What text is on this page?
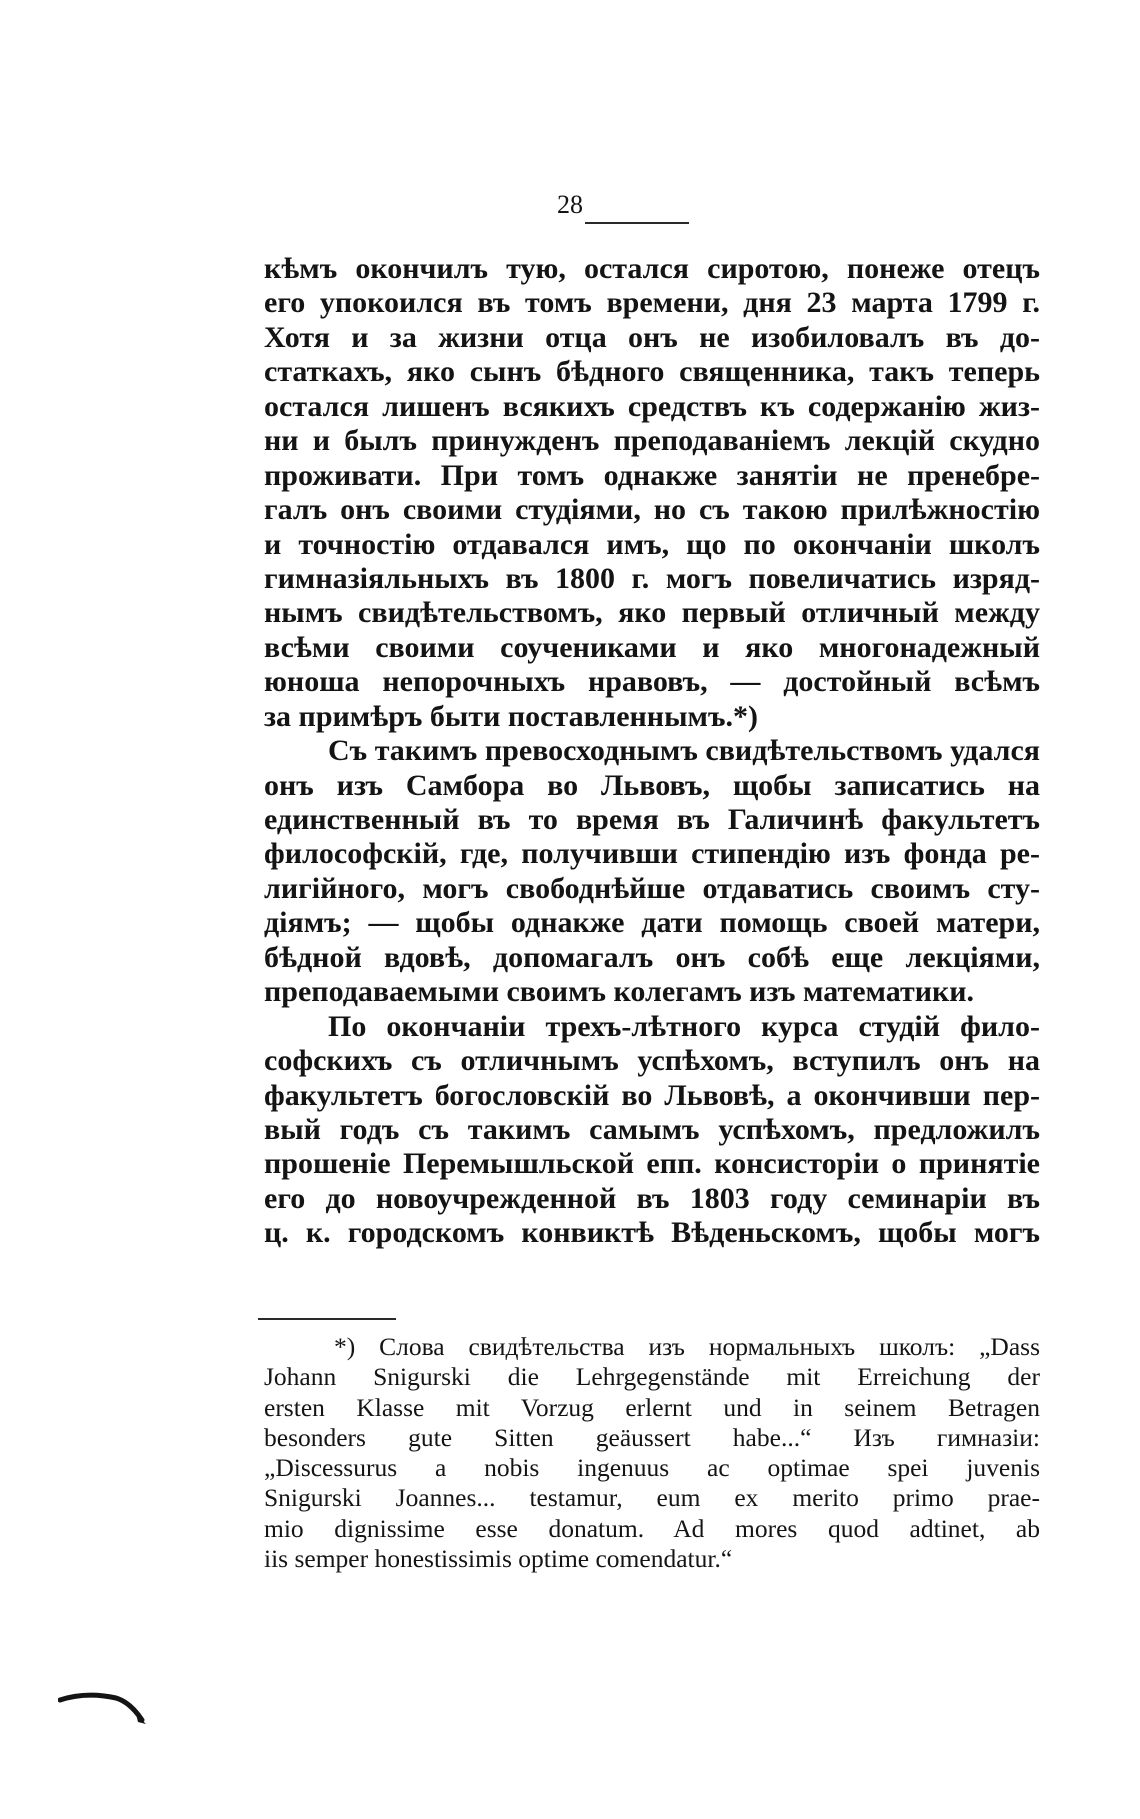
28
кѣмъ окончилъ тую, остался сиротою, понеже отецъ
его упокоился въ томъ времени, дня 23 марта 1799 г.
Хотя и за жизни отца онъ не изобиловалъ въ до-
статкахъ, яко сынъ бѣдного священника, такъ теперь
остался лишенъ всякихъ средствъ къ содержанію жиз-
ни и былъ принужденъ преподаваніемъ лекцій скудно
проживати. При томъ однакже занятіи не пренебре-
галъ онъ своими студіями, но съ такою прилѣжностію
и точностію отдавался имъ, що по окончаніи школъ
гимназіяльныхъ въ 1800 г. могъ повеличатись изряд-
нымъ свидѣтельствомъ, яко первый отличный между
всѣми своими соучениками и яко многонадежный
юноша непорочныхъ нравовъ, — достойный всѣмъ
за примѣръ быти поставленнымъ.*)
Съ такимъ превосходнымъ свидѣтельствомъ удался
онъ изъ Самбора во Львовъ, щобы записатись на
единственный въ то время въ Галичинѣ факультетъ
философскій, где, получивши стипендію изъ фонда ре-
лигійного, могъ свободнѣйше отдаватись своимъ сту-
діямъ; — щобы однакже дати помощь своей матери,
бѣдной вдовѣ, допомагалъ онъ собѣ еще лекціями,
преподаваемыми своимъ колегамъ изъ математики.
По окончаніи трехъ-лѣтного курса студій фило-
софскихъ съ отличнымъ успѣхомъ, вступилъ онъ на
факультетъ богословскій во Львовѣ, а окончивши пер-
вый годъ съ такимъ самымъ успѣхомъ, предложилъ
прошеніе Перемышльской епп. консисторіи о принятіе
его до новоучрежденной въ 1803 году семинаріи въ
ц. к. городскомъ конвиктѣ Вѣденьскомъ, щобы могъ
*) Слова свидѣтельства изъ нормальныхъ школъ: „Dass
Johann Snigurski die Lehrgegenstände mit Erreichung der
ersten Klasse mit Vorzug erlernt und in seinem Betragen
besonders gute Sitten geäussert habe...“ Изъ гимназіи:
„Discessurus a nobis ingenuus ac optimae spei juvenis
Snigurski Joannes... testamur, eum ex merito primo prae-
mio dignissime esse donatum. Ad mores quod adtinet, ab
iis semper honestissimis optime comendatur.“
